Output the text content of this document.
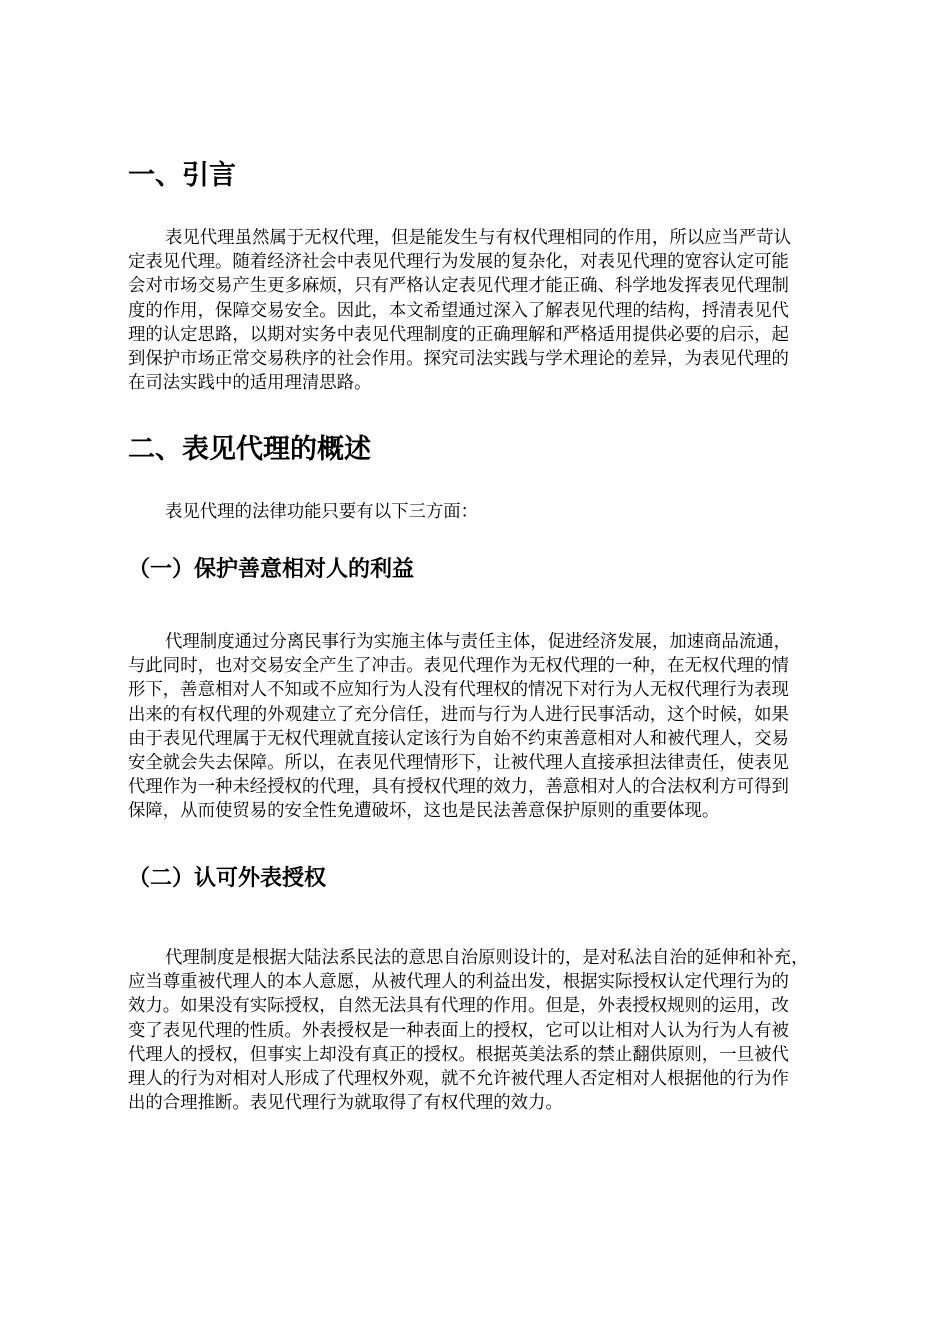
一、引言
表见代理虽然属于无权代理，但是能发生与有权代理相同的作用，所以应当严苛认
定表见代理。随着经济社会中表见代理行为发展的复杂化，对表见代理的宽容认定可能
会对市场交易产生更多麻烦，只有严格认定表见代理才能正确、科学地发挥表见代理制
度的作用，保障交易安全。因此，本文希望通过深入了解表见代理的结构，捋清表见代
理的认定思路，以期对实务中表见代理制度的正确理解和严格适用提供必要的启示，起
到保护市场正常交易秩序的社会作用。探究司法实践与学术理论的差异，为表见代理的
在司法实践中的适用理清思路。
二、表见代理的概述

表见代理的法律功能只要有以下三方面：

（一）保护善意相对人的利益
代理制度通过分离民事行为实施主体与责任主体，促进经济发展，加速商品流通，
与此同时，也对交易安全产生了冲击。表见代理作为无权代理的一种，在无权代理的情
形下，善意相对人不知或不应知行为人没有代理权的情况下对行为人无权代理行为表现
出来的有权代理的外观建立了充分信任，进而与行为人进行民事活动，这个时候，如果
由于表见代理属于无权代理就直接认定该行为自始不约束善意相对人和被代理人，交易
安全就会失去保障。所以，在表见代理情形下，让被代理人直接承担法律责任，使表见
代理作为一种未经授权的代理，具有授权代理的效力，善意相对人的合法权利方可得到
保障，从而使贸易的安全性免遭破坏，这也是民法善意保护原则的重要体现。
（二）认可外表授权
代理制度是根据大陆法系民法的意思自治原则设计的，是对私法自治的延伸和补充，
应当尊重被代理人的本人意愿，从被代理人的利益出发，根据实际授权认定代理行为的
效力。如果没有实际授权，自然无法具有代理的作用。但是，外表授权规则的运用，改
变了表见代理的性质。外表授权是一种表面上的授权，它可以让相对人认为行为人有被
代理人的授权，但事实上却没有真正的授权。根据英美法系的禁止翻供原则，一旦被代
理人的行为对相对人形成了代理权外观，就不允许被代理人否定相对人根据他的行为作
出的合理推断。表见代理行为就取得了有权代理的效力。
